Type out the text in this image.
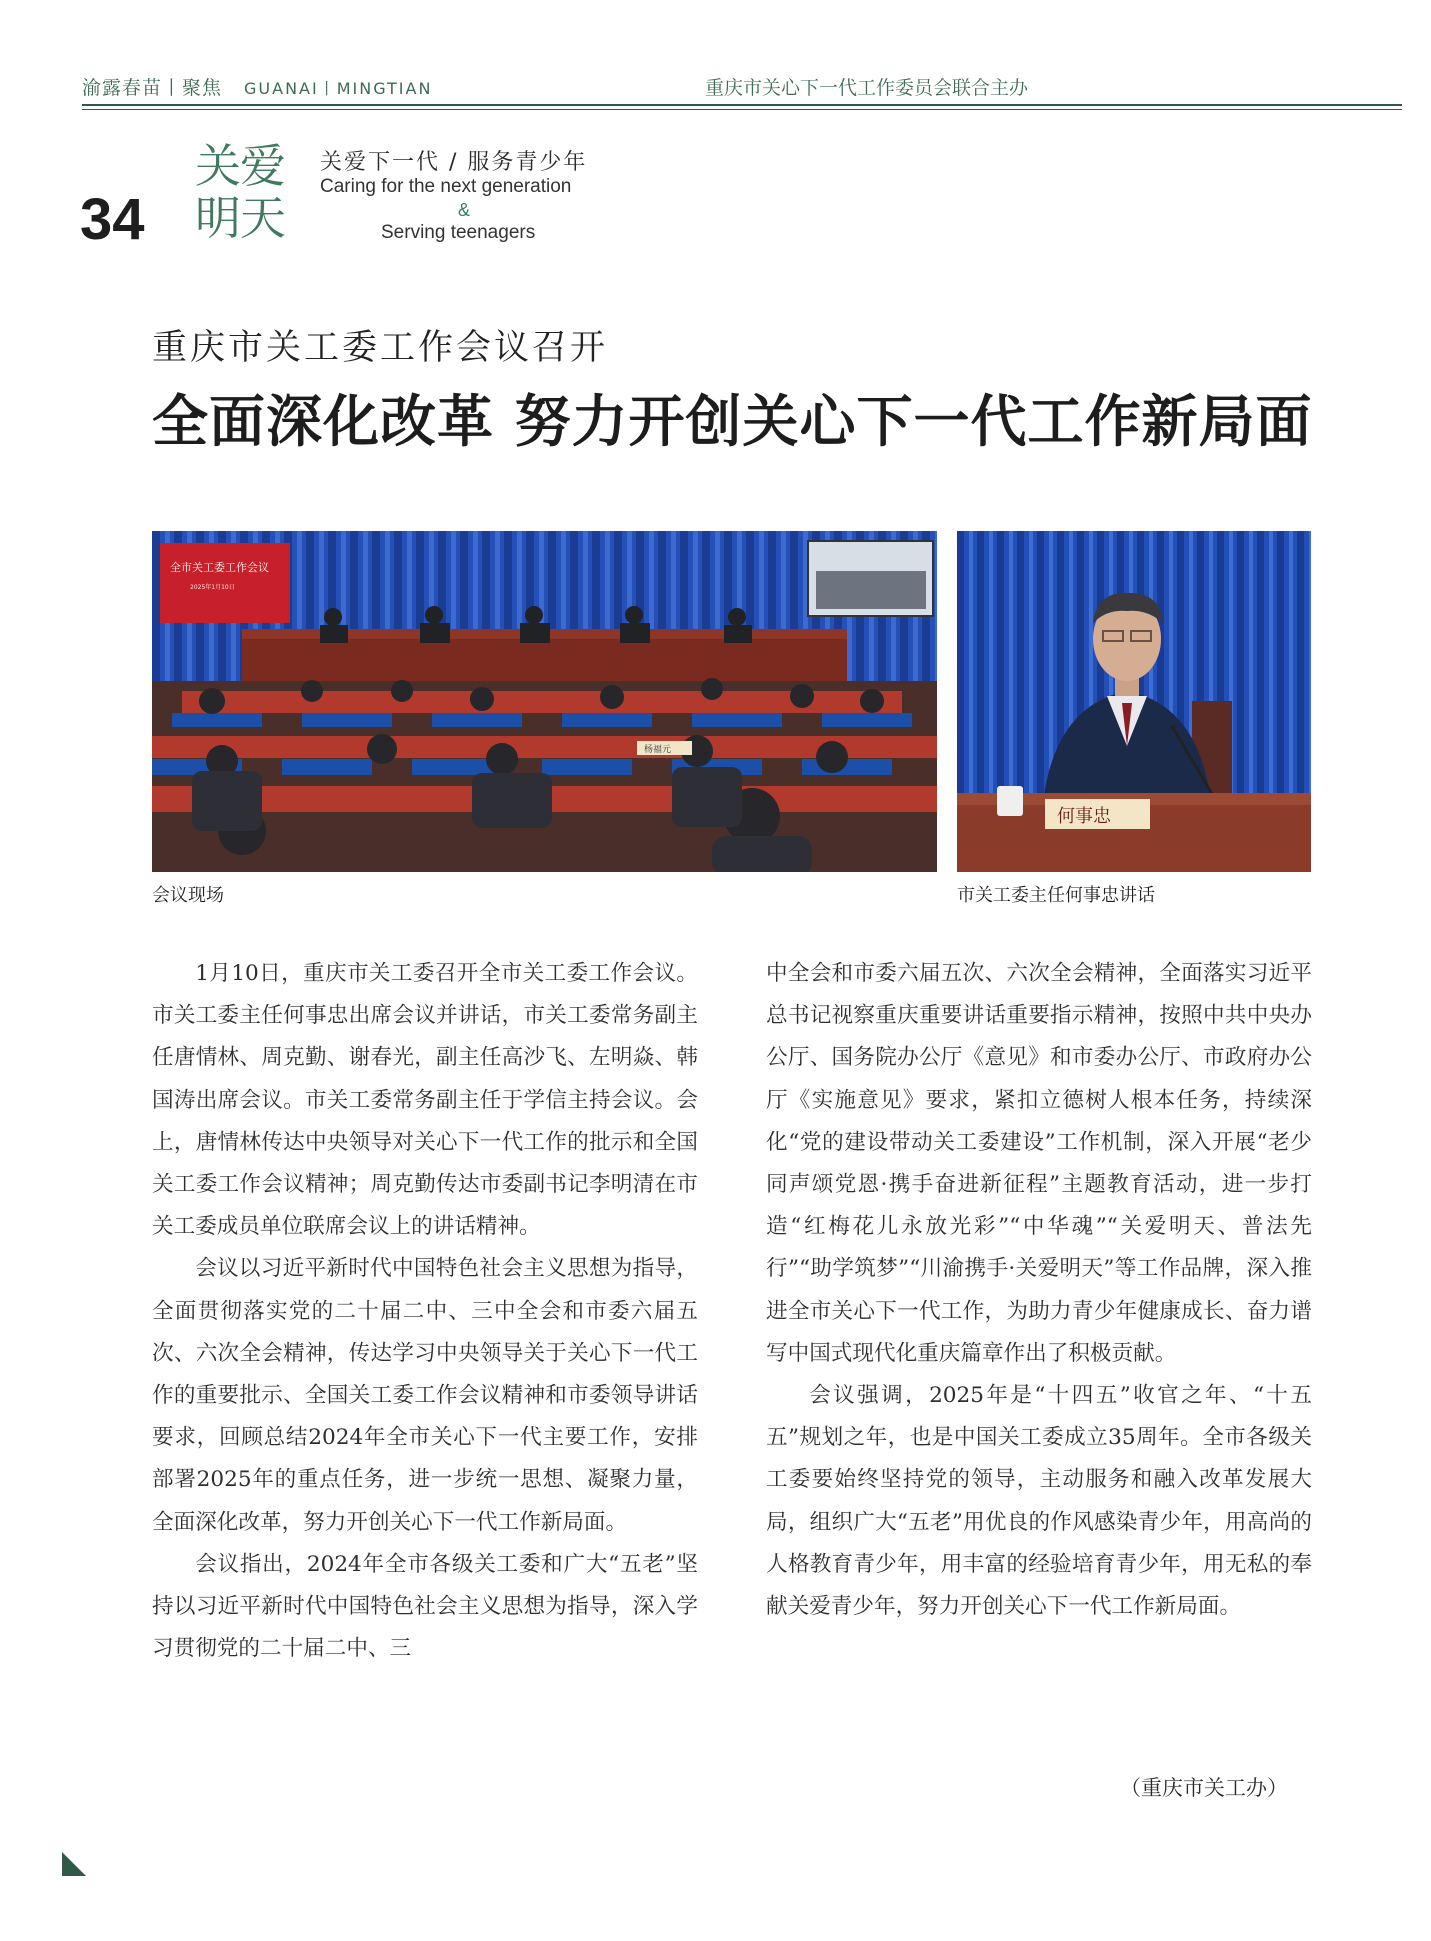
渝露春苗丨聚焦 GUANAI丨MINGTIAN	重庆市关心下一代工作委员会联合主办
34
关爱
明天
关爱下一代 / 服务青少年
Caring for the next generation
&
Serving teenagers
重庆市关工委工作会议召开
全面深化改革 努力开创关心下一代工作新局面
全市关工委工作会议
2025年1月10日
杨福元
会议现场
何事忠
市关工委主任何事忠讲话

1月10日，重庆市关工委召开全市关工委工作会议。市关工委主任何事忠出席会议并讲话，市关工委常务副主任唐情林、周克勤、谢春光，副主任高沙飞、左明焱、韩国涛出席会议。市关工委常务副主任于学信主持会议。会上，唐情林传达中央领导对关心下一代工作的批示和全国关工委工作会议精神；周克勤传达市委副书记李明清在市关工委成员单位联席会议上的讲话精神。

会议以习近平新时代中国特色社会主义思想为指导，全面贯彻落实党的二十届二中、三中全会和市委六届五次、六次全会精神，传达学习中央领导关于关心下一代工作的重要批示、全国关工委工作会议精神和市委领导讲话要求，回顾总结2024年全市关心下一代主要工作，安排部署2025年的重点任务，进一步统一思想、凝聚力量，全面深化改革，努力开创关心下一代工作新局面。

会议指出，2024年全市各级关工委和广大“五老”坚持以习近平新时代中国特色社会主义思想为指导，深入学习贯彻党的二十届二中、三

中全会和市委六届五次、六次全会精神，全面落实习近平总书记视察重庆重要讲话重要指示精神，按照中共中央办公厅、国务院办公厅《意见》和市委办公厅、市政府办公厅《实施意见》要求，紧扣立德树人根本任务，持续深化“党的建设带动关工委建设”工作机制，深入开展“老少同声颂党恩·携手奋进新征程”主题教育活动，进一步打造“红梅花儿永放光彩”“中华魂”“关爱明天、普法先行”“助学筑梦”“川渝携手·关爱明天”等工作品牌，深入推进全市关心下一代工作，为助力青少年健康成长、奋力谱写中国式现代化重庆篇章作出了积极贡献。

会议强调，2025年是“十四五”收官之年、“十五五”规划之年，也是中国关工委成立35周年。全市各级关工委要始终坚持党的领导，主动服务和融入改革发展大局，组织广大“五老”用优良的作风感染青少年，用高尚的人格教育青少年，用丰富的经验培育青少年，用无私的奉献关爱青少年，努力开创关心下一代工作新局面。

（重庆市关工办）
